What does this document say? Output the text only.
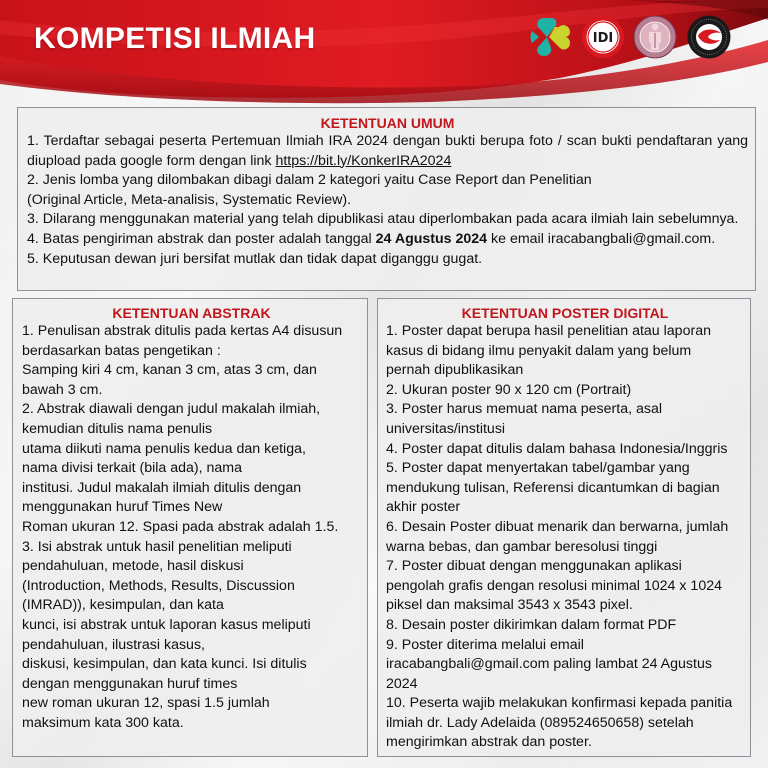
KOMPETISI ILMIAH	IDI
KETENTUAN UMUM

1. Terdaftar sebagai peserta Pertemuan Ilmiah IRA 2024 dengan bukti berupa foto / scan bukti pendaftaran yang diupload pada google form dengan link https://bit.ly/KonkerIRA2024

2. Jenis lomba yang dilombakan dibagi dalam 2 kategori yaitu Case Report dan Penelitian
(Original Article, Meta-analisis, Systematic Review).

3. Dilarang menggunakan material yang telah dipublikasi atau diperlombakan pada acara ilmiah lain sebelumnya.

4. Batas pengiriman abstrak dan poster adalah tanggal 24 Agustus 2024 ke email iracabangbali@gmail.com.

5. Keputusan dewan juri bersifat mutlak dan tidak dapat diganggu gugat.

KETENTUAN ABSTRAK

1. Penulisan abstrak ditulis pada kertas A4 disusun

berdasarkan batas pengetikan :

Samping kiri 4 cm, kanan 3 cm, atas 3 cm, dan

bawah 3 cm.

2. Abstrak diawali dengan judul makalah ilmiah,

kemudian ditulis nama penulis

utama diikuti nama penulis kedua dan ketiga,

nama divisi terkait (bila ada), nama

institusi. Judul makalah ilmiah ditulis dengan

menggunakan huruf Times New

Roman ukuran 12. Spasi pada abstrak adalah 1.5.

3. Isi abstrak untuk hasil penelitian meliputi

pendahuluan, metode, hasil diskusi

(Introduction, Methods, Results, Discussion

(IMRAD)), kesimpulan, dan kata

kunci, isi abstrak untuk laporan kasus meliputi

pendahuluan, ilustrasi kasus,

diskusi, kesimpulan, dan kata kunci. Isi ditulis

dengan menggunakan huruf times

new roman ukuran 12, spasi 1.5 jumlah

maksimum kata 300 kata.

KETENTUAN POSTER DIGITAL

1. Poster dapat berupa hasil penelitian atau laporan

kasus di bidang ilmu penyakit dalam yang belum

pernah dipublikasikan

2. Ukuran poster 90 x 120 cm (Portrait)

3. Poster harus memuat nama peserta, asal

universitas/institusi

4. Poster dapat ditulis dalam bahasa Indonesia/Inggris

5. Poster dapat menyertakan tabel/gambar yang

mendukung tulisan, Referensi dicantumkan di bagian

akhir poster

6. Desain Poster dibuat menarik dan berwarna, jumlah

warna bebas, dan gambar beresolusi tinggi

7. Poster dibuat dengan menggunakan aplikasi

pengolah grafis dengan resolusi minimal 1024 x 1024

piksel dan maksimal 3543 x 3543 pixel.

8. Desain poster dikirimkan dalam format PDF

9. Poster diterima melalui email

iracabangbali@gmail.com paling lambat 24 Agustus

2024

10. Peserta wajib melakukan konfirmasi kepada panitia

ilmiah dr. Lady Adelaida (089524650658) setelah

mengirimkan abstrak dan poster.
